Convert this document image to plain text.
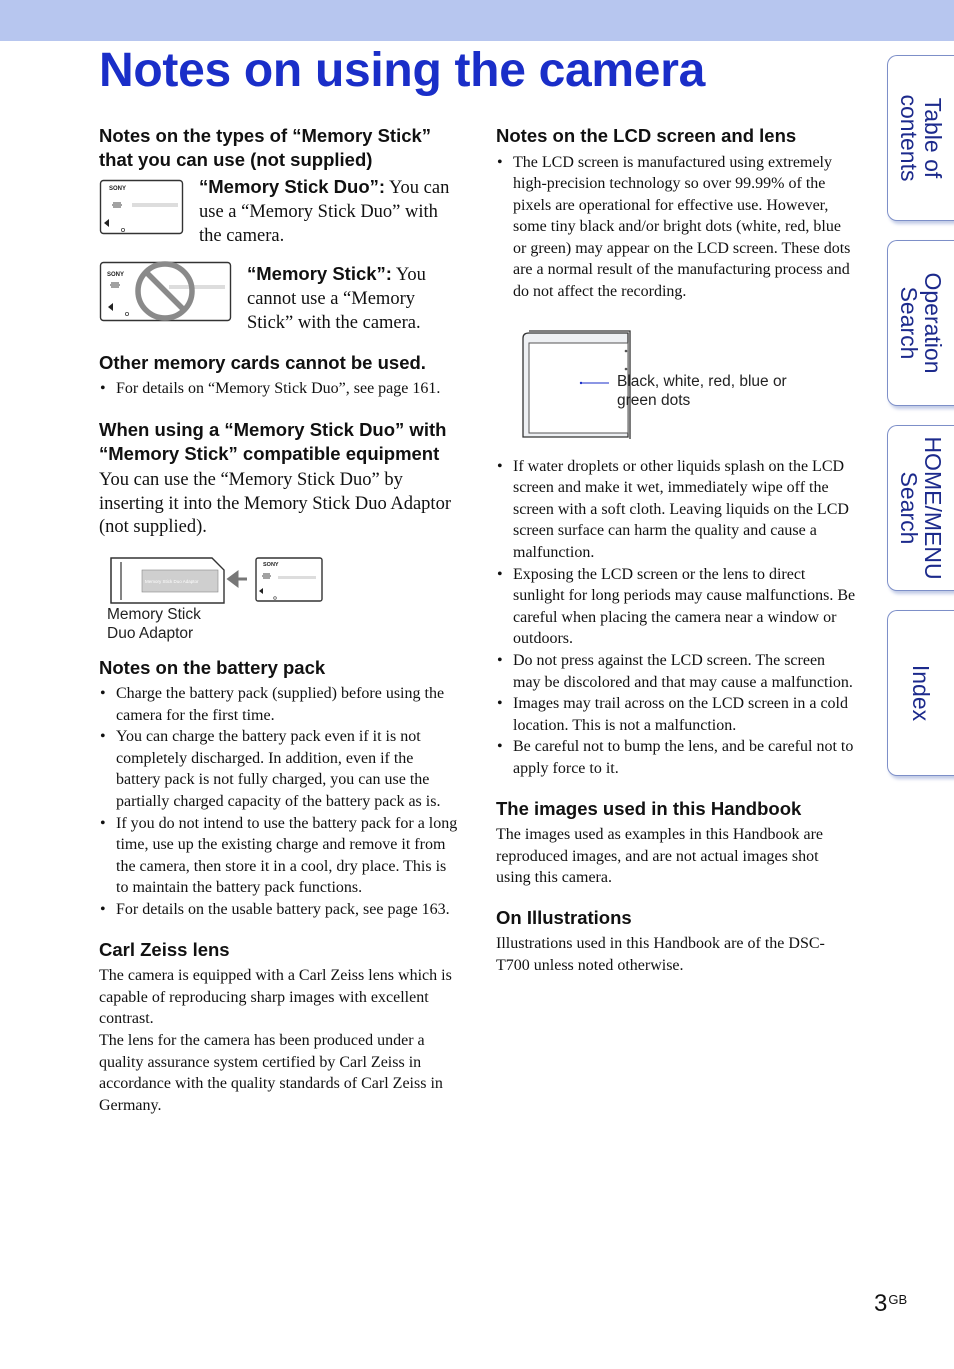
Notes on using the camera
Table of contents
Operation Search
HOME/MENU Search
Index
Notes on the types of “Memory Stick” that you can use (not supplied)
SONY	“Memory Stick Duo”: You can use a “Memory Stick Duo” with the camera.
SONY	“Memory Stick”: You cannot use a “Memory Stick” with the camera.
Other memory cards cannot be used.
• For details on “Memory Stick Duo”, see page 161.
When using a “Memory Stick Duo” with “Memory Stick” compatible equipment

You can use the “Memory Stick Duo” by inserting it into the Memory Stick Duo Adaptor (not supplied).

Memory Stick Duo Adaptor
SONY
Memory Stick
Duo Adaptor
Notes on the battery pack
• Charge the battery pack (supplied) before using the camera for the first time.
• You can charge the battery pack even if it is not completely discharged. In addition, even if the battery pack is not fully charged, you can use the partially charged capacity of the battery pack as is.
• If you do not intend to use the battery pack for a long time, use up the existing charge and remove it from the camera, then store it in a cool, dry place. This is to maintain the battery pack functions.
• For details on the usable battery pack, see page 163.
Carl Zeiss lens

The camera is equipped with a Carl Zeiss lens which is capable of reproducing sharp images with excellent contrast.

The lens for the camera has been produced under a quality assurance system certified by Carl Zeiss in accordance with the quality standards of Carl Zeiss in Germany.

Notes on the LCD screen and lens
• The LCD screen is manufactured using extremely high-precision technology so over 99.99% of the pixels are operational for effective use. However, some tiny black and/or bright dots (white, red, blue or green) may appear on the LCD screen. These dots are a normal result of the manufacturing process and do not affect the recording.
Black, white, red, blue or
green dots
• If water droplets or other liquids splash on the LCD screen and make it wet, immediately wipe off the screen with a soft cloth. Leaving liquids on the LCD screen surface can harm the quality and cause a malfunction.
• Exposing the LCD screen or the lens to direct sunlight for long periods may cause malfunctions. Be careful when placing the camera near a window or outdoors.
• Do not press against the LCD screen. The screen may be discolored and that may cause a malfunction.
• Images may trail across on the LCD screen in a cold location. This is not a malfunction.
• Be careful not to bump the lens, and be careful not to apply force to it.
The images used in this Handbook

The images used as examples in this Handbook are reproduced images, and are not actual images shot using this camera.

On Illustrations

Illustrations used in this Handbook are of the DSC-T700 unless noted otherwise.

$3^{GB}$
